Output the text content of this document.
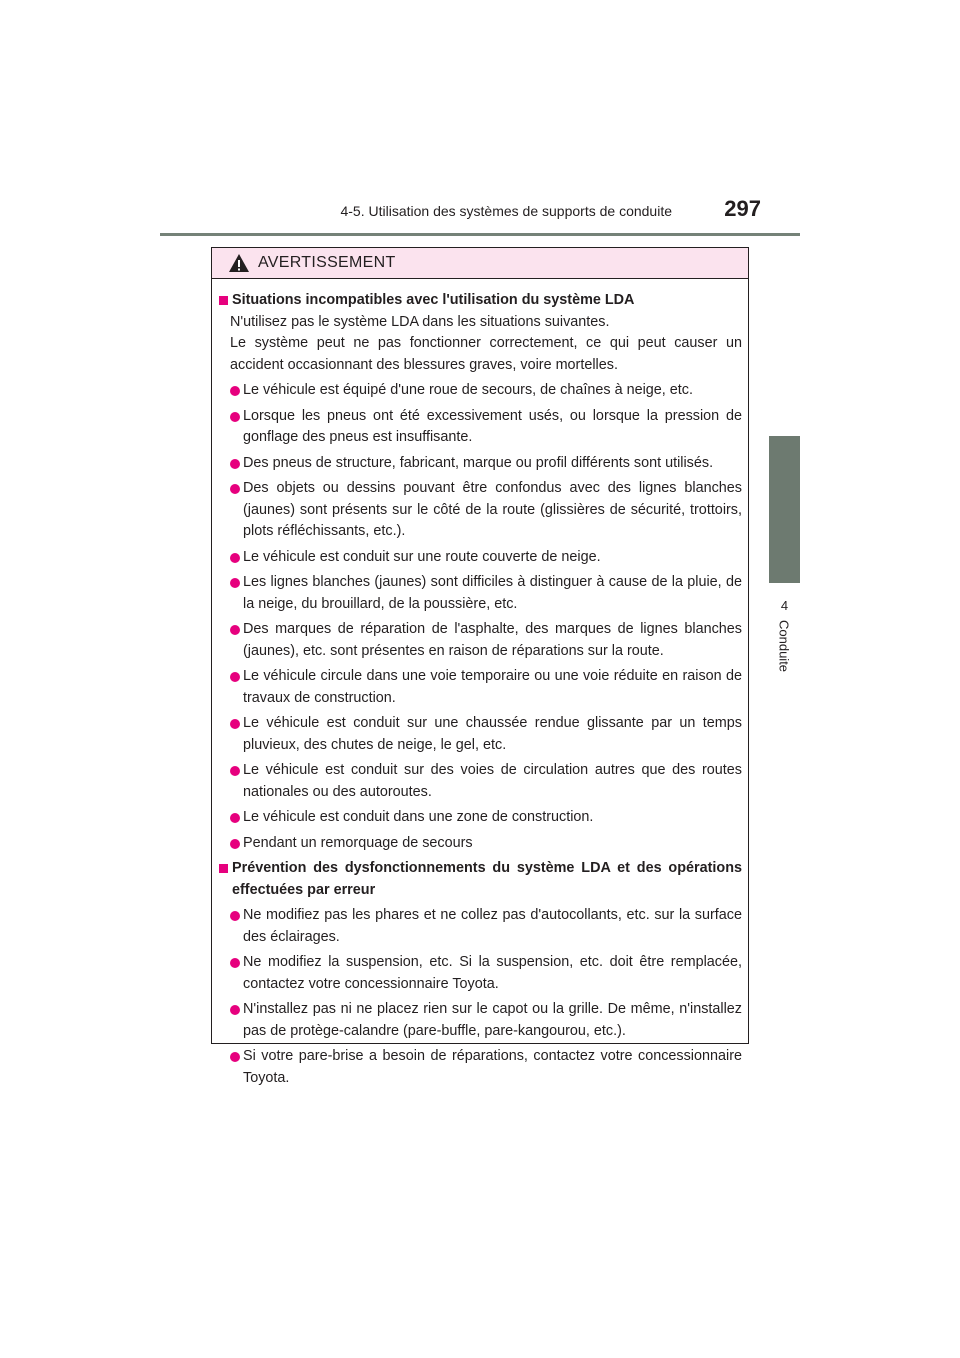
4-5. Utilisation des systèmes de supports de conduite	297
4
Conduite
AVERTISSEMENT
Situations incompatibles avec l'utilisation du système LDA
N'utilisez pas le système LDA dans les situations suivantes.
Le système peut ne pas fonctionner correctement, ce qui peut causer un accident occasionnant des blessures graves, voire mortelles.
Le véhicule est équipé d'une roue de secours, de chaînes à neige, etc.
Lorsque les pneus ont été excessivement usés, ou lorsque la pression de gonflage des pneus est insuffisante.
Des pneus de structure, fabricant, marque ou profil différents sont utilisés.
Des objets ou dessins pouvant être confondus avec des lignes blanches (jaunes) sont présents sur le côté de la route (glissières de sécurité, trottoirs, plots réfléchissants, etc.).
Le véhicule est conduit sur une route couverte de neige.
Les lignes blanches (jaunes) sont difficiles à distinguer à cause de la pluie, de la neige, du brouillard, de la poussière, etc.
Des marques de réparation de l'asphalte, des marques de lignes blanches (jaunes), etc. sont présentes en raison de réparations sur la route.
Le véhicule circule dans une voie temporaire ou une voie réduite en raison de travaux de construction.
Le véhicule est conduit sur une chaussée rendue glissante par un temps pluvieux, des chutes de neige, le gel, etc.
Le véhicule est conduit sur des voies de circulation autres que des routes nationales ou des autoroutes.
Le véhicule est conduit dans une zone de construction.
Pendant un remorquage de secours
Prévention des dysfonctionnements du système LDA et des opérations effectuées par erreur
Ne modifiez pas les phares et ne collez pas d'autocollants, etc. sur la surface des éclairages.
Ne modifiez la suspension, etc. Si la suspension, etc. doit être remplacée, contactez votre concessionnaire Toyota.
N'installez pas ni ne placez rien sur le capot ou la grille. De même, n'installez pas de protège-calandre (pare-buffle, pare-kangourou, etc.).
Si votre pare-brise a besoin de réparations, contactez votre concessionnaire Toyota.
